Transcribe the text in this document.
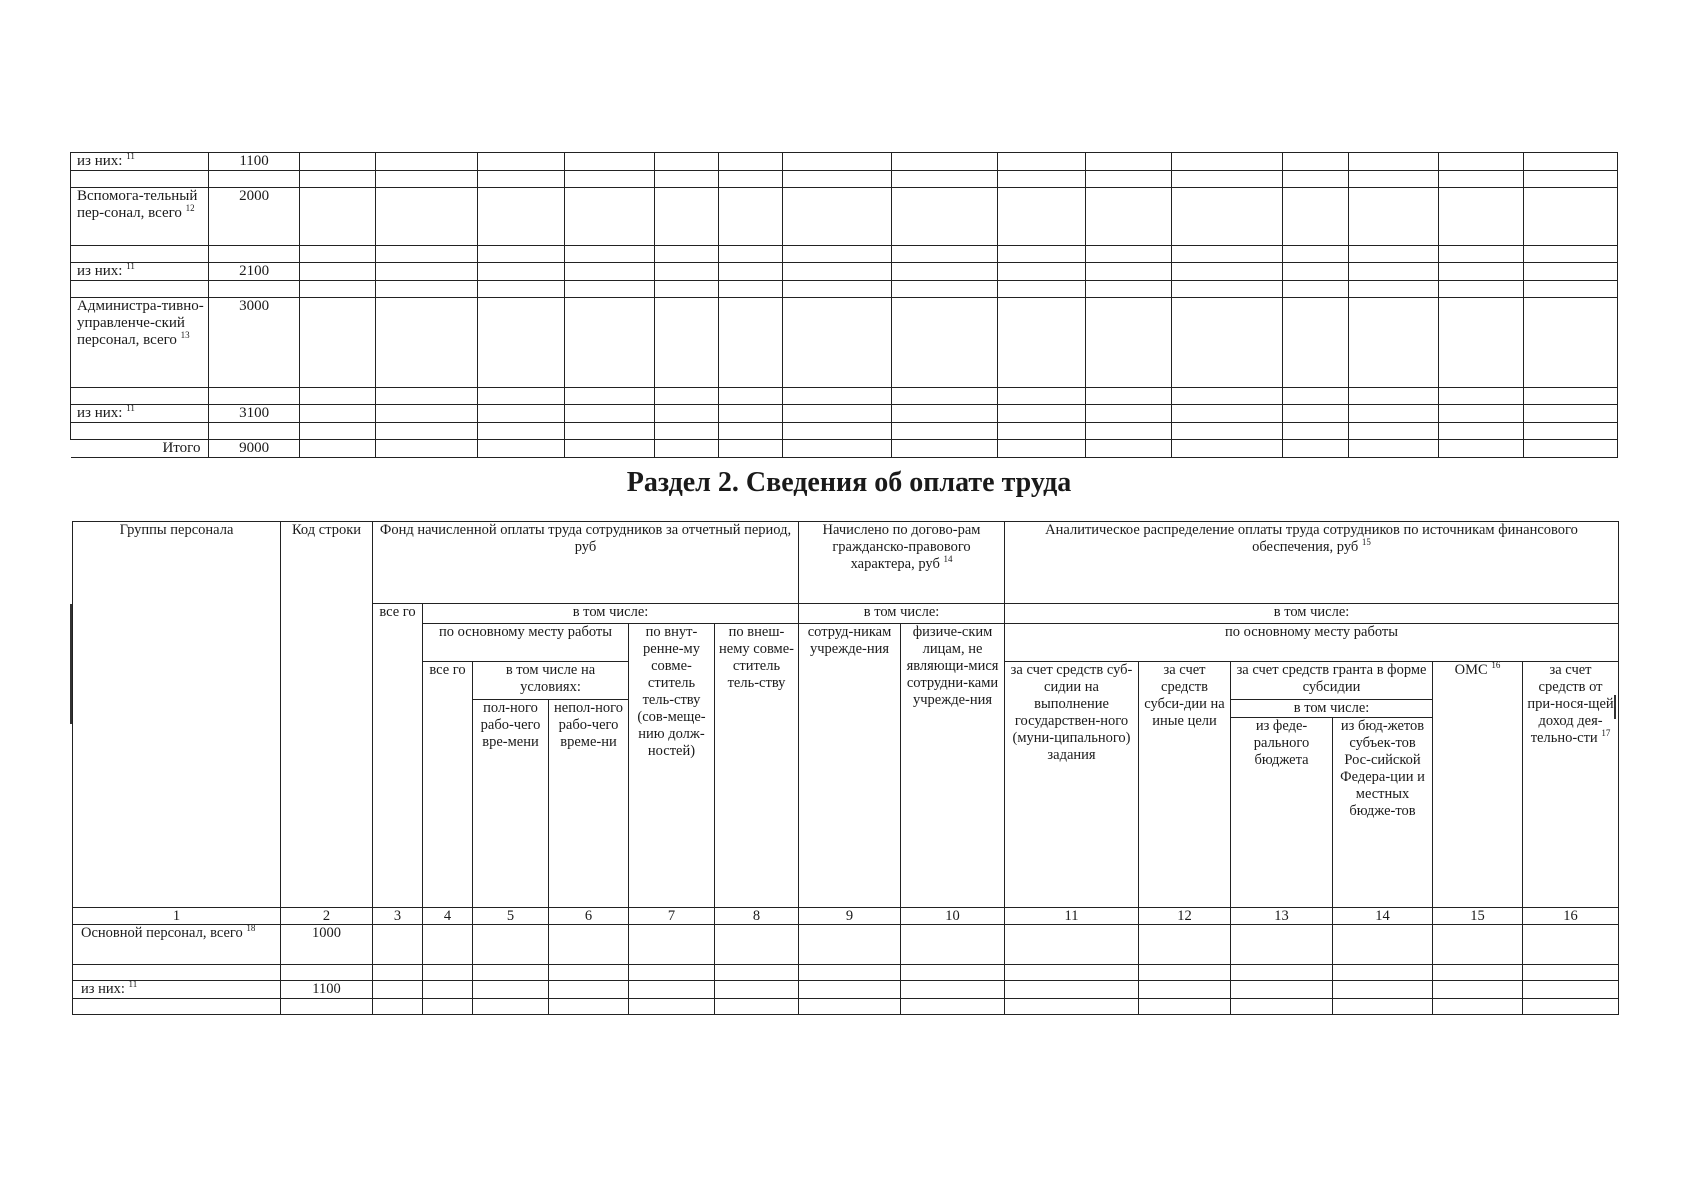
из них: $^{11}$	1100															

Вспомога-тельный пер-сонал, всего $^{12}$	2000															

из них: $^{11}$	2100															

Администра-тивно-управленче-ский персонал, всего $^{13}$	3000															

из них: $^{11}$	3100															

Итого	9000															
Раздел 2. Сведения об оплате труда
Группы персонала	Код строки	Фонд начисленной оплаты труда сотрудников за отчетный период, руб						Начислено по догово-рам гражданско-правового характера, руб $^{14}$		Аналитическое распределение оплаты труда сотрудников по источникам финансового обеспечения, руб $^{15}$
		все го	в том числе:					в том числе:		в том числе:					
			по основному месту работы			по внут-ренне-му совме-ститель тель-ству (сов-мещe-нию долж-ностей)	по внеш-нему совме-ститель тель-ству	сотруд-никам учрежде-ния	физиче-ским лицам, не являющи-мися сотрудни-ками учрежде-ния	по основному месту работы					
			все го	в том числе на условиях:						за счет средств суб-сидии на выполнение государствен-ного (муни-ципального) задания	за счет средств субси-дии на иные цели	за счет средств гранта в форме субсидии		ОМС $^{16}$	за счет средств от при-нося-щей доход дея-тельно-сти $^{17}$
				пол-ного рабо-чего вре-мени	непол-ного рабо-чего време-ни							в том числе:			
												из феде-рального бюджета	из бюд-жетов субъек-тов Рос-сийской Федера-ции и местных бюдже-тов		

1	2	3	4	5	6	7	8	9	10	11	12	13	14	15	16
Основной персонал, всего $^{18}$	1000														

из них: $^{11}$	1100														
